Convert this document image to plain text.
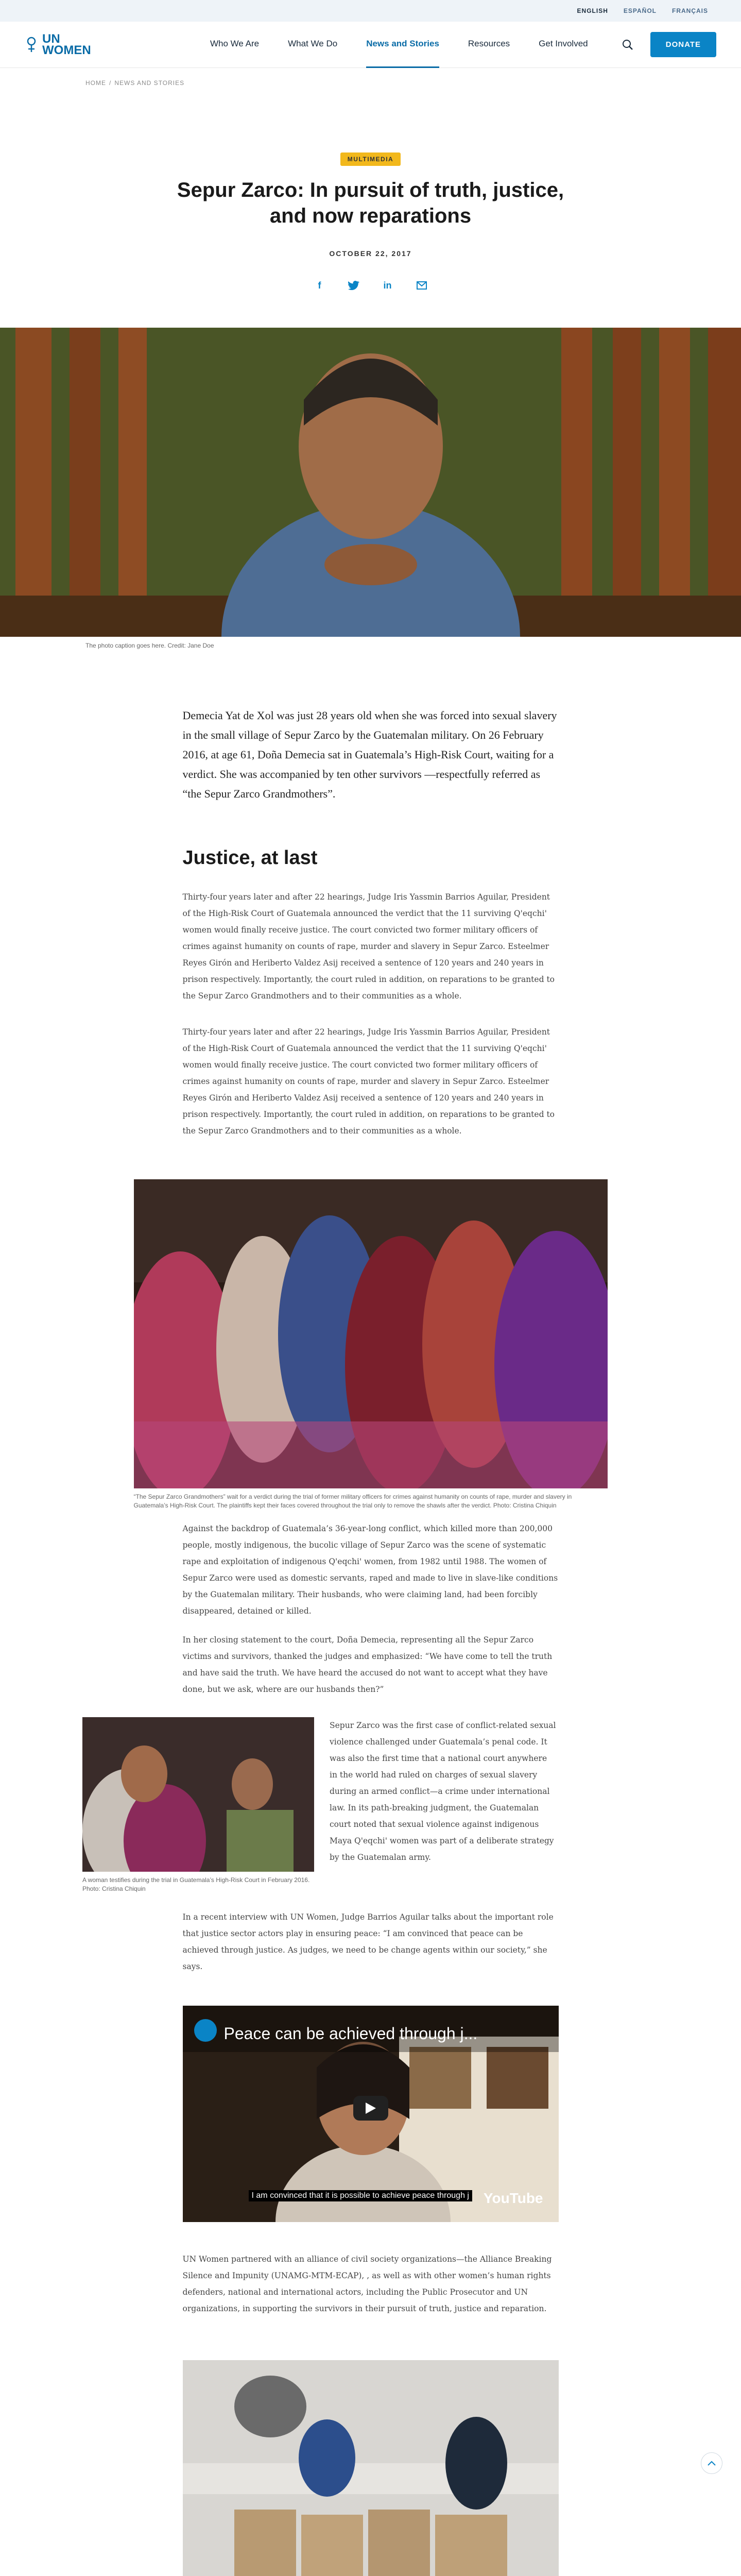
ENGLISH	ESPAÑOL	FRANÇAIS
UN
WOMEN	Who We Are	What We Do	News and Stories	Resources	Get Involved	DONATE
HOME / NEWS AND STORIES
MULTIMEDIA
Sepur Zarco: In pursuit of truth, justice, and now reparations
OCTOBER 22, 2017
f	in
The photo caption goes here. Credit: Jane Doe

Demecia Yat de Xol was just 28 years old when she was forced into sexual slavery in the small village of Sepur Zarco by the Guatemalan military. On 26 February 2016, at age 61, Doña Demecia sat in Guatemala’s High-Risk Court, waiting for a verdict. She was accompanied by ten other survivors —respectfully referred as “the Sepur Zarco Grandmothers”.

Justice, at last

Thirty-four years later and after 22 hearings, Judge Iris Yassmin Barrios Aguilar, President of the High-Risk Court of Guatemala announced the verdict that the 11 surviving Q'eqchi' women would finally receive justice. The court convicted two former military officers of crimes against humanity on counts of rape, murder and slavery in Sepur Zarco. Esteelmer Reyes Girón and Heriberto Valdez Asij received a sentence of 120 years and 240 years in prison respectively. Importantly, the court ruled in addition, on reparations to be granted to the Sepur Zarco Grandmothers and to their communities as a whole.

Thirty-four years later and after 22 hearings, Judge Iris Yassmin Barrios Aguilar, President of the High-Risk Court of Guatemala announced the verdict that the 11 surviving Q'eqchi' women would finally receive justice. The court convicted two former military officers of crimes against humanity on counts of rape, murder and slavery in Sepur Zarco. Esteelmer Reyes Girón and Heriberto Valdez Asij received a sentence of 120 years and 240 years in prison respectively. Importantly, the court ruled in addition, on reparations to be granted to the Sepur Zarco Grandmothers and to their communities as a whole.

“The Sepur Zarco Grandmothers” wait for a verdict during the trial of former military officers for crimes against humanity on counts of rape, murder and slavery in Guatemala’s High-Risk Court. The plaintiffs kept their faces covered throughout the trial only to remove the shawls after the verdict. Photo: Cristina Chiquin

Against the backdrop of Guatemala’s 36-year-long conflict, which killed more than 200,000 people, mostly indigenous, the bucolic village of Sepur Zarco was the scene of systematic rape and exploitation of indigenous Q'eqchi' women, from 1982 until 1988. The women of Sepur Zarco were used as domestic servants, raped and made to live in slave-like conditions by the Guatemalan military. Their husbands, who were claiming land, had been forcibly disappeared, detained or killed.

In her closing statement to the court, Doña Demecia, representing all the Sepur Zarco victims and survivors, thanked the judges and emphasized: “We have come to tell the truth and have said the truth. We have heard the accused do not want to accept what they have done, but we ask, where are our husbands then?”

A woman testifies during the trial in Guatemala’s High-Risk Court in February 2016. Photo: Cristina Chiquin

Sepur Zarco was the first case of conflict-related sexual violence challenged under Guatemala’s penal code. It was also the first time that a national court anywhere in the world had ruled on charges of sexual slavery during an armed conflict—a crime under international law. In its path-breaking judgment, the Guatemalan court noted that sexual violence against indigenous Maya Q'eqchi' women was part of a deliberate strategy by the Guatemalan army.

In a recent interview with UN Women, Judge Barrios Aguilar talks about the important role that justice sector actors play in ensuring peace: “I am convinced that peace can be achieved through justice. As judges, we need to be change agents within our society,” she says.

Peace can be achieved through j...
I am convinced that it is possible to achieve peace through j YouTube

UN Women partnered with an alliance of civil society organizations—the Alliance Breaking Silence and Impunity (UNAMG-MTM-ECAP), , as well as with other women’s human rights defenders, national and international actors, including the Public Prosecutor and UN organizations, in supporting the survivors in their pursuit of truth, justice and reparation.
